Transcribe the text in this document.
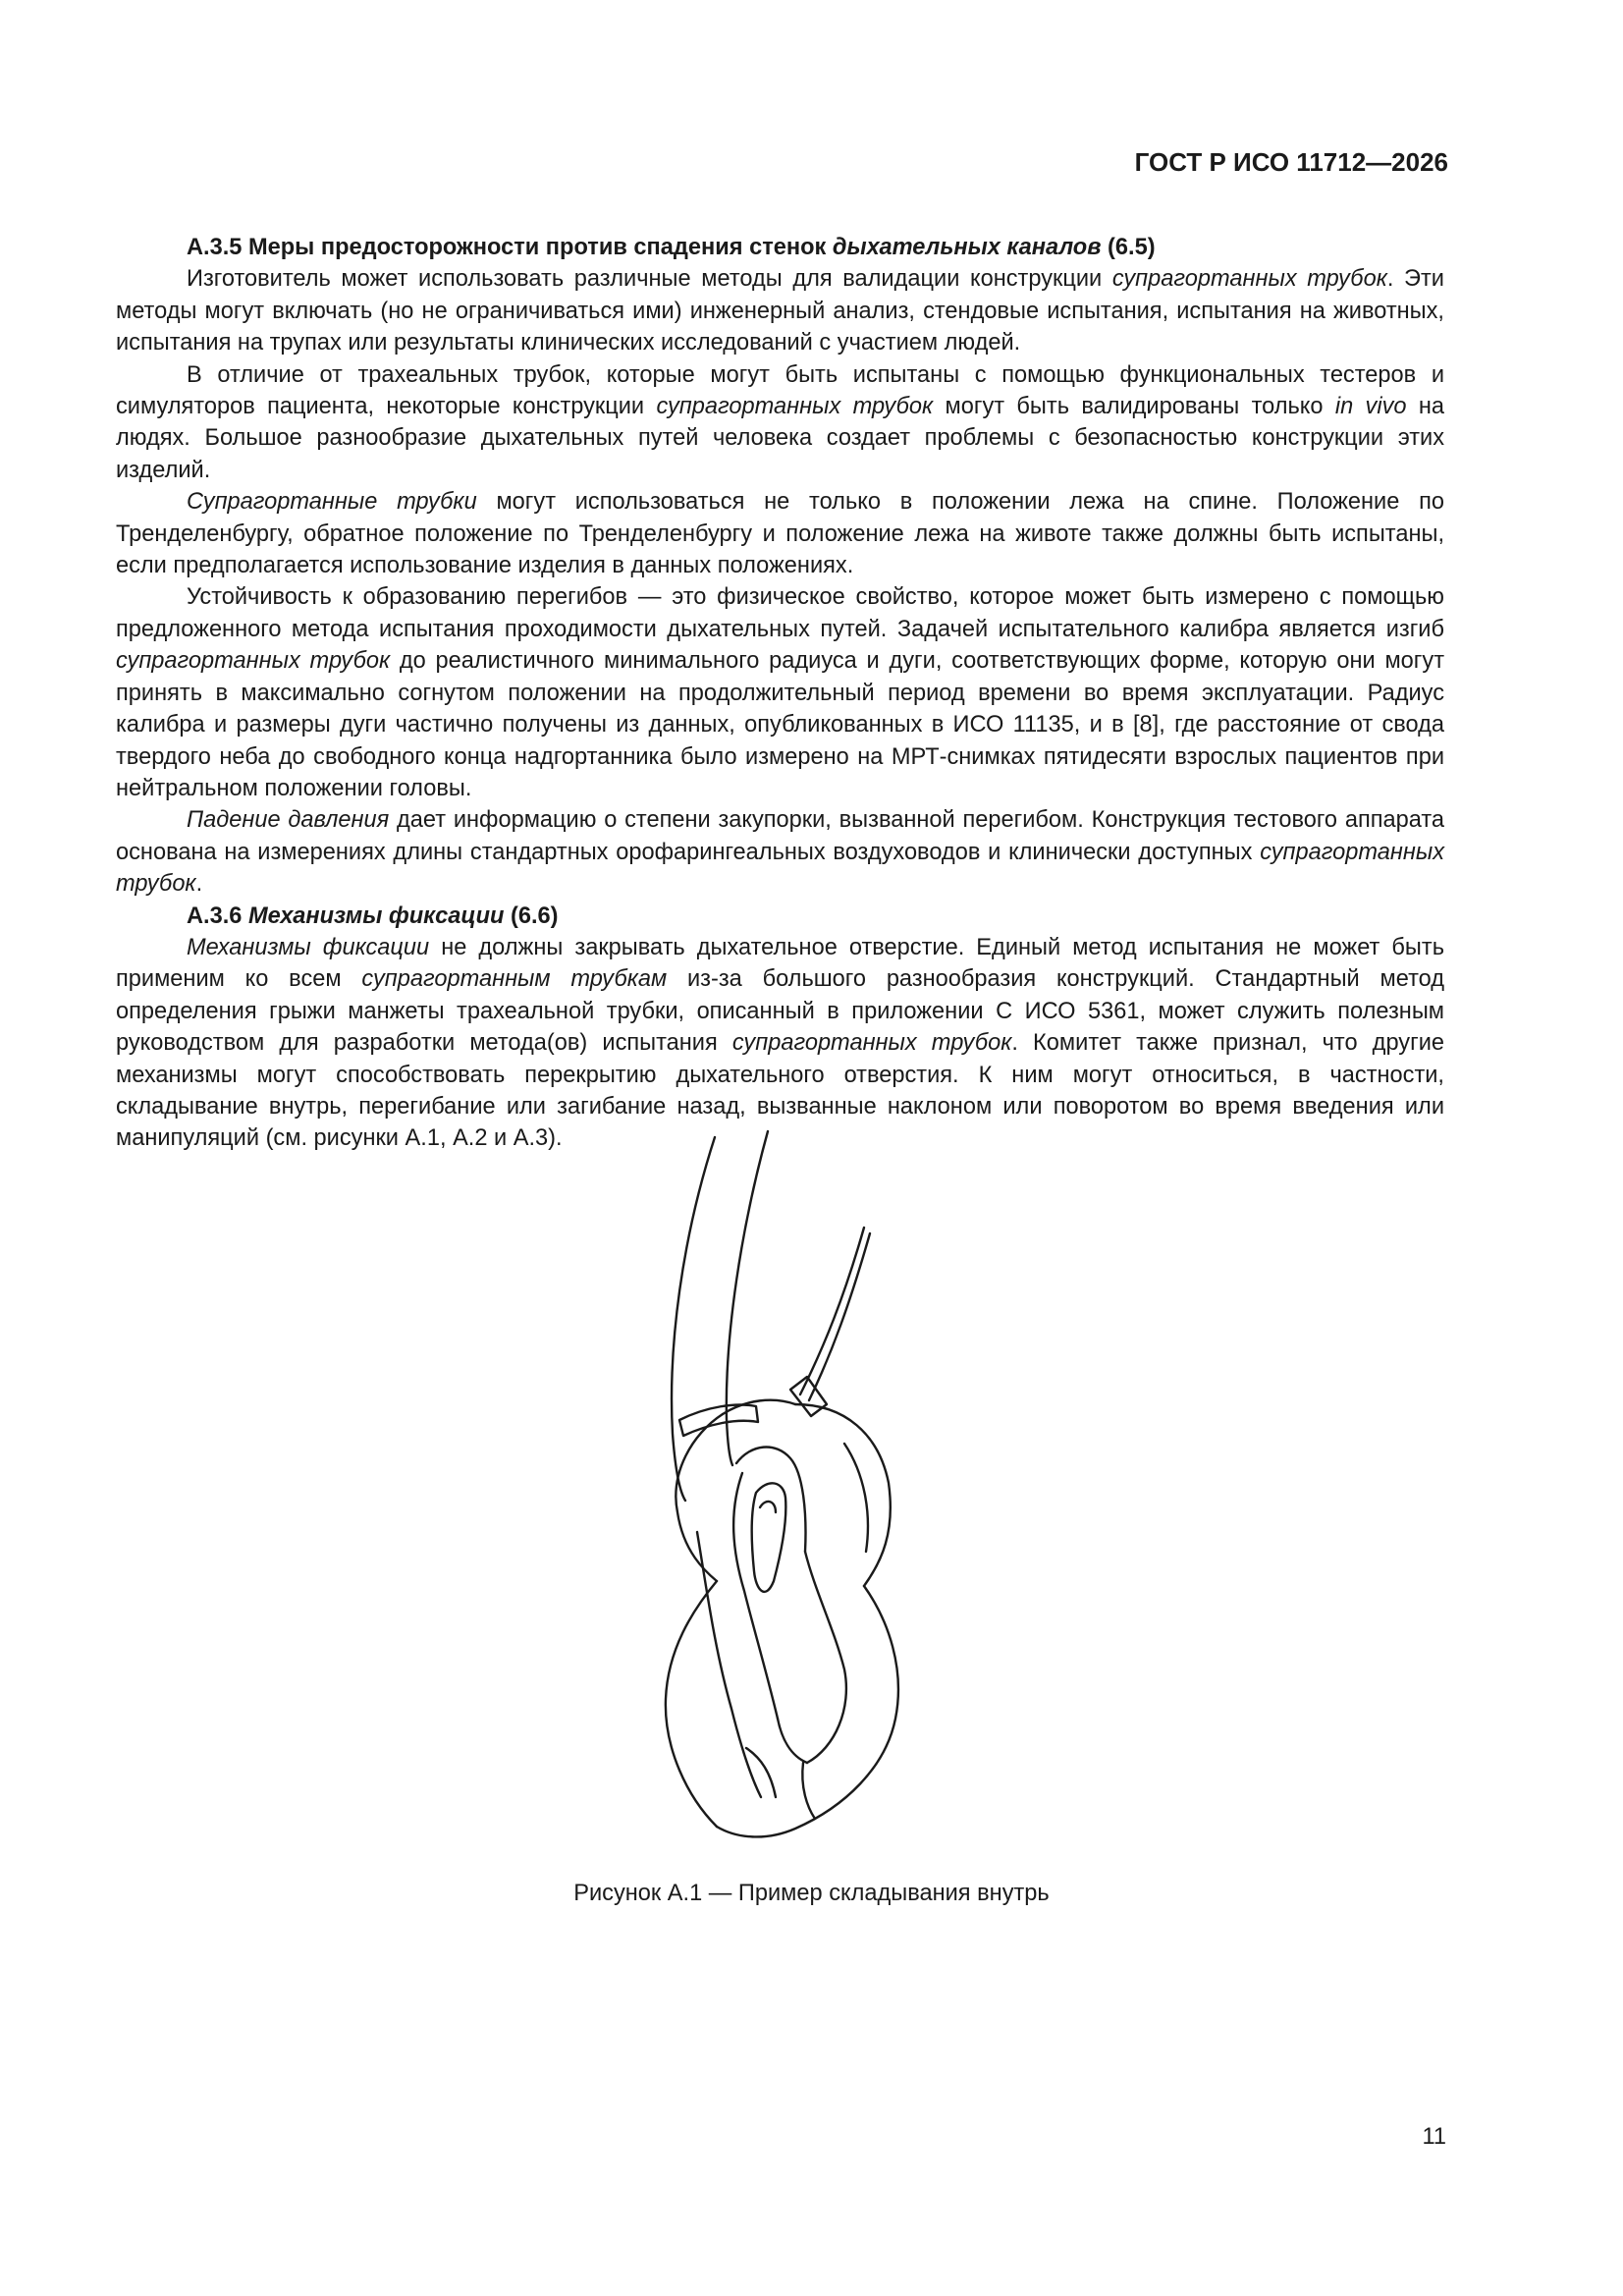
ГОСТ Р ИСО 11712—2026

A.3.5 Меры предосторожности против спадения стенок дыхательных каналов (6.5)

Изготовитель может использовать различные методы для валидации конструкции супрагортанных трубок. Эти методы могут включать (но не ограничиваться ими) инженерный анализ, стендовые испытания, испытания на животных, испытания на трупах или результаты клинических исследований с участием людей.

В отличие от трахеальных трубок, которые могут быть испытаны с помощью функциональных тестеров и симуляторов пациента, некоторые конструкции супрагортанных трубок могут быть валидированы только in vivo на людях. Большое разнообразие дыхательных путей человека создает проблемы с безопасностью конструкции этих изделий.

Супрагортанные трубки могут использоваться не только в положении лежа на спине. Положение по Тренделенбургу, обратное положение по Тренделенбургу и положение лежа на животе также должны быть испытаны, если предполагается использование изделия в данных положениях.

Устойчивость к образованию перегибов — это физическое свойство, которое может быть измерено с помощью предложенного метода испытания проходимости дыхательных путей. Задачей испытательного калибра является изгиб супрагортанных трубок до реалистичного минимального радиуса и дуги, соответствующих форме, которую они могут принять в максимально согнутом положении на продолжительный период времени во время эксплуатации. Радиус калибра и размеры дуги частично получены из данных, опубликованных в ИСО 11135, и в [8], где расстояние от свода твердого неба до свободного конца надгортанника было измерено на МРТ-снимках пятидесяти взрослых пациентов при нейтральном положении головы.

Падение давления дает информацию о степени закупорки, вызванной перегибом. Конструкция тестового аппарата основана на измерениях длины стандартных орофарингеальных воздуховодов и клинически доступных супрагортанных трубок.

A.3.6 Механизмы фиксации (6.6)

Механизмы фиксации не должны закрывать дыхательное отверстие. Единый метод испытания не может быть применим ко всем супрагортанным трубкам из-за большого разнообразия конструкций. Стандартный метод определения грыжи манжеты трахеальной трубки, описанный в приложении С ИСО 5361, может служить полезным руководством для разработки метода(ов) испытания супрагортанных трубок. Комитет также признал, что другие механизмы могут способствовать перекрытию дыхательного отверстия. К ним могут относиться, в частности, складывание внутрь, перегибание или загибание назад, вызванные наклоном или поворотом во время введения или манипуляций (см. рисунки А.1, А.2 и А.3).

Рисунок А.1 — Пример складывания внутрь
11
